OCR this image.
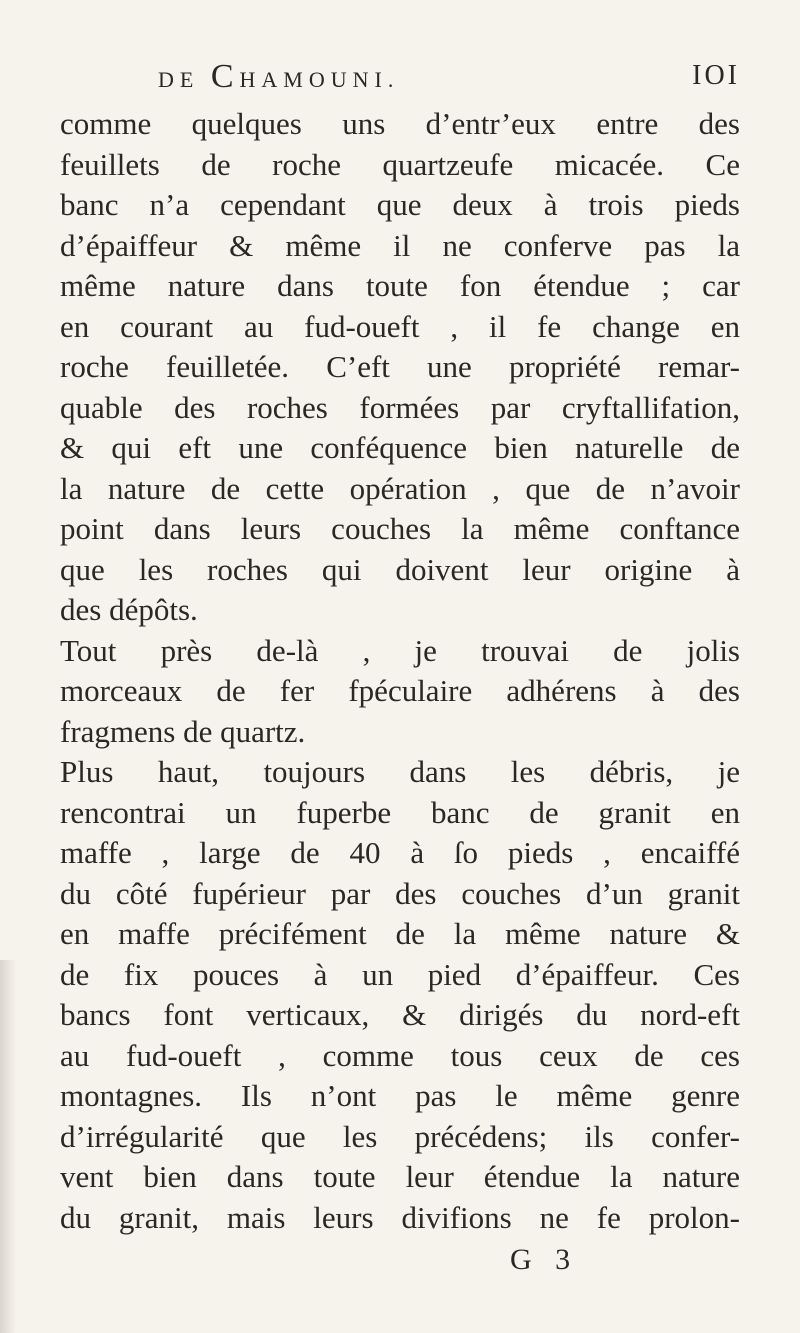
DE CHAMOUNI.	IOI
comme quelques uns d’entr’eux entre des
feuillets de roche quartzeufe micacée. Ce
banc n’a cependant que deux à trois pieds
d’épaiffeur & même il ne conferve pas la
même nature dans toute fon étendue ; car
en courant au fud-oueft , il fe change en
roche feuilletée. C’eft une propriété remar-
quable des roches formées par cryftallifation,
& qui eft une conféquence bien naturelle de
la nature de cette opération , que de n’avoir
point dans leurs couches la même conftance
que les roches qui doivent leur origine à
des dépôts.
Tout près de-là , je trouvai de jolis
morceaux de fer fpéculaire adhérens à des
fragmens de quartz.
Plus haut, toujours dans les débris, je
rencontrai un fuperbe banc de granit en
maffe , large de 40 à ſo pieds , encaiffé
du côté fupérieur par des couches d’un granit
en maffe précifément de la même nature &
de fix pouces à un pied d’épaiffeur. Ces
bancs font verticaux, & dirigés du nord-eft
au fud-oueft , comme tous ceux de ces
montagnes. Ils n’ont pas le même genre
d’irrégularité que les précédens; ils confer-
vent bien dans toute leur étendue la nature
du granit, mais leurs divifions ne fe prolon-
G 3
